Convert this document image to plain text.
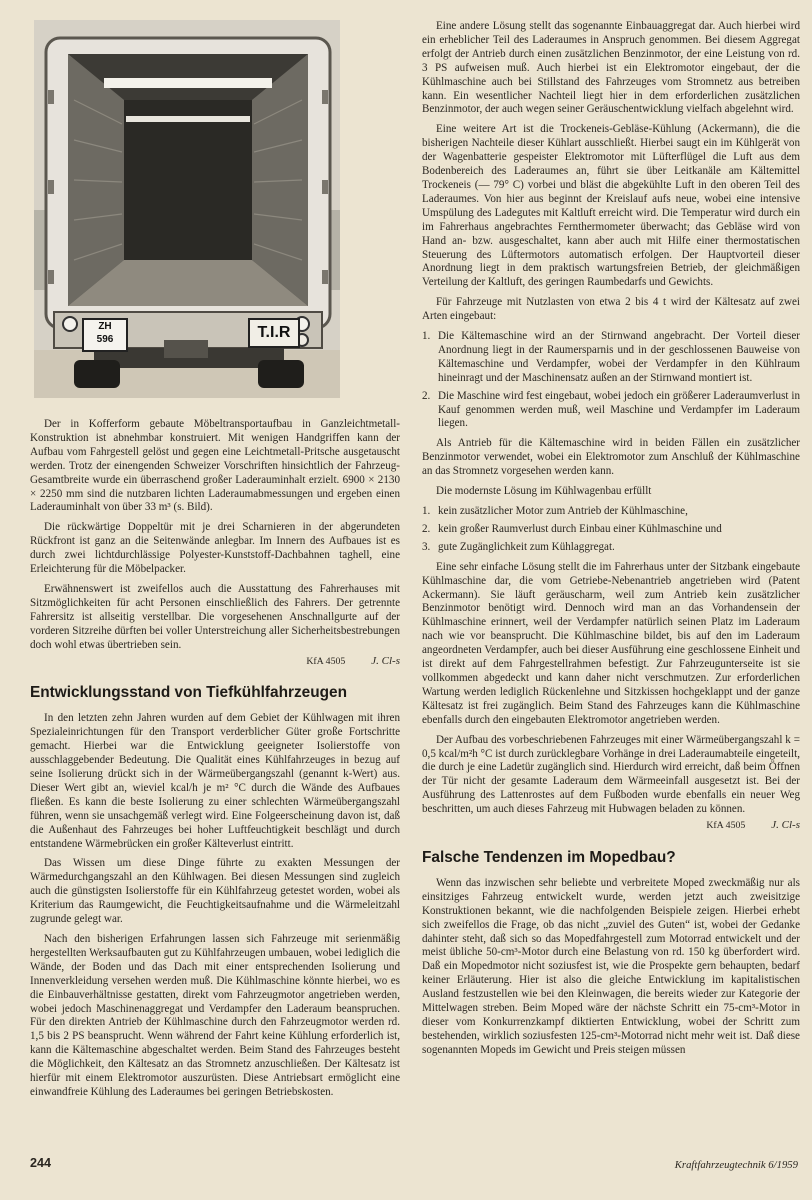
ZH
596	T.I.R

Der in Kofferform gebaute Möbeltransportaufbau in Ganzleichtmetall-Konstruktion ist abnehmbar konstruiert. Mit wenigen Handgriffen kann der Aufbau vom Fahrgestell gelöst und gegen eine Leichtmetall-Pritsche ausgetauscht werden. Trotz der einengenden Schweizer Vorschriften hinsichtlich der Fahrzeug-Gesamtbreite wurde ein überraschend großer Laderauminhalt erzielt. 6900 × 2130 × 2250 mm sind die nutzbaren lichten Laderaumabmessungen und ergeben einen Laderauminhalt von über 33 m³ (s. Bild).

Die rückwärtige Doppeltür mit je drei Scharnieren in der abgerundeten Rückfront ist ganz an die Seitenwände anlegbar. Im Innern des Aufbaues ist es durch zwei lichtdurchlässige Polyester-Kunststoff-Dachbahnen taghell, eine Erleichterung für die Möbelpacker.

Erwähnenswert ist zweifellos auch die Ausstattung des Fahrerhauses mit Sitzmöglichkeiten für acht Personen einschließlich des Fahrers. Der getrennte Fahrersitz ist allseitig verstellbar. Die vorgesehenen Anschnallgurte auf der vorderen Sitzreihe dürften bei voller Unterstreichung aller Sicherheitsbestrebungen doch wohl etwas übertrieben sein.

KfA 4505 J. Cl-s
Entwicklungsstand von Tiefkühlfahrzeugen

In den letzten zehn Jahren wurden auf dem Gebiet der Kühlwagen mit ihren Spezialeinrichtungen für den Transport verderblicher Güter große Fortschritte gemacht. Hierbei war die Entwicklung geeigneter Isolierstoffe von ausschlaggebender Bedeutung. Die Qualität eines Kühlfahrzeuges in bezug auf seine Isolierung drückt sich in der Wärmeübergangszahl (genannt k-Wert) aus. Dieser Wert gibt an, wieviel kcal/h je m² °C durch die Wände des Aufbaues fließen. Es kann die beste Isolierung zu einer schlechten Wärmeübergangszahl führen, wenn sie unsachgemäß verlegt wird. Eine Folgeerscheinung davon ist, daß die Außenhaut des Fahrzeuges bei hoher Luftfeuchtigkeit beschlägt und durch entstandene Wärmebrücken ein großer Kälteverlust eintritt.

Das Wissen um diese Dinge führte zu exakten Messungen der Wärmedurchgangszahl an den Kühlwagen. Bei diesen Messungen sind zugleich auch die günstigsten Isolierstoffe für ein Kühlfahrzeug getestet worden, wobei als Kriterium das Raumgewicht, die Feuchtigkeitsaufnahme und die Wärmeleitzahl zugrunde gelegt war.

Nach den bisherigen Erfahrungen lassen sich Fahrzeuge mit serienmäßig hergestellten Werksaufbauten gut zu Kühlfahrzeugen umbauen, wobei lediglich die Wände, der Boden und das Dach mit einer entsprechenden Isolierung und Innenverkleidung versehen werden muß. Die Kühlmaschine könnte hierbei, wo es die Einbauverhältnisse gestatten, direkt vom Fahrzeugmotor angetrieben werden, wobei jedoch Maschinenaggregat und Verdampfer den Laderaum beanspruchen. Für den direkten Antrieb der Kühlmaschine durch den Fahrzeugmotor werden rd. 1,5 bis 2 PS beansprucht. Wenn während der Fahrt keine Kühlung erforderlich ist, kann die Kältemaschine abgeschaltet werden. Beim Stand des Fahrzeuges besteht die Möglichkeit, den Kältesatz an das Stromnetz anzuschließen. Der Kältesatz ist hierfür mit einem Elektromotor auszurüsten. Diese Antriebsart ermöglicht eine einwandfreie Kühlung des Laderaumes bei geringen Betriebskosten.

Eine andere Lösung stellt das sogenannte Einbauaggregat dar. Auch hierbei wird ein erheblicher Teil des Laderaumes in Anspruch genommen. Bei diesem Aggregat erfolgt der Antrieb durch einen zusätzlichen Benzinmotor, der eine Leistung von rd. 3 PS aufweisen muß. Auch hierbei ist ein Elektromotor eingebaut, der die Kühlmaschine auch bei Stillstand des Fahrzeuges vom Stromnetz aus betreiben kann. Ein wesentlicher Nachteil liegt hier in dem erforderlichen zusätzlichen Benzinmotor, der auch wegen seiner Geräuschentwicklung vielfach abgelehnt wird.

Eine weitere Art ist die Trockeneis-Gebläse-Kühlung (Ackermann), die die bisherigen Nachteile dieser Kühlart ausschließt. Hierbei saugt ein im Kühlgerät von der Wagenbatterie gespeister Elektromotor mit Lüfterflügel die Luft aus dem Bodenbereich des Laderaumes an, führt sie über Leitkanäle am Kältemittel Trockeneis (— 79° C) vorbei und bläst die abgekühlte Luft in den oberen Teil des Laderaumes. Von hier aus beginnt der Kreislauf aufs neue, wobei eine intensive Umspülung des Ladegutes mit Kaltluft erreicht wird. Die Temperatur wird durch ein im Fahrerhaus angebrachtes Fernthermometer überwacht; das Gebläse wird von Hand an- bzw. ausgeschaltet, kann aber auch mit Hilfe einer thermostatischen Steuerung des Lüftermotors automatisch erfolgen. Der Hauptvorteil dieser Anordnung liegt in dem praktisch wartungsfreien Betrieb, der gleichmäßigen Verteilung der Kaltluft, des geringen Raumbedarfs und Gewichts.

Für Fahrzeuge mit Nutzlasten von etwa 2 bis 4 t wird der Kältesatz auf zwei Arten eingebaut:

1. Die Kältemaschine wird an der Stirnwand angebracht. Der Vorteil dieser Anordnung liegt in der Raumersparnis und in der geschlossenen Bauweise von Kältemaschine und Verdampfer, wobei der Verdampfer in den Kühlraum hineinragt und der Maschinensatz außen an der Stirnwand montiert ist.
2. Die Maschine wird fest eingebaut, wobei jedoch ein größerer Laderaumverlust in Kauf genommen werden muß, weil Maschine und Verdampfer im Laderaum liegen.

Als Antrieb für die Kältemaschine wird in beiden Fällen ein zusätzlicher Benzinmotor verwendet, wobei ein Elektromotor zum Anschluß der Kühlmaschine an das Stromnetz vorgesehen werden kann.

Die modernste Lösung im Kühlwagenbau erfüllt

1. kein zusätzlicher Motor zum Antrieb der Kühlmaschine,
2. kein großer Raumverlust durch Einbau einer Kühlmaschine und
3. gute Zugänglichkeit zum Kühlaggregat.

Eine sehr einfache Lösung stellt die im Fahrerhaus unter der Sitzbank eingebaute Kühlmaschine dar, die vom Getriebe-Nebenantrieb angetrieben wird (Patent Ackermann). Sie läuft geräuscharm, weil zum Antrieb kein zusätzlicher Benzinmotor benötigt wird. Dennoch wird man an das Vorhandensein der Kühlmaschine erinnert, weil der Verdampfer natürlich seinen Platz im Laderaum nach wie vor beansprucht. Die Kühlmaschine bildet, bis auf den im Laderaum angeordneten Verdampfer, auch bei dieser Ausführung eine geschlossene Einheit und ist direkt auf dem Fahrgestellrahmen befestigt. Zur Fahrzeugunterseite ist sie vollkommen abgedeckt und kann daher nicht verschmutzen. Zur erforderlichen Wartung werden lediglich Rückenlehne und Sitzkissen hochgeklappt und der ganze Kältesatz ist frei zugänglich. Beim Stand des Fahrzeuges kann die Kühlmaschine ebenfalls durch den eingebauten Elektromotor angetrieben werden.

Der Aufbau des vorbeschriebenen Fahrzeuges mit einer Wärmeübergangszahl k = 0,5 kcal/m²h °C ist durch zurücklegbare Vorhänge in drei Laderaumabteile eingeteilt, die durch je eine Ladetür zugänglich sind. Hierdurch wird erreicht, daß beim Öffnen der Tür nicht der gesamte Laderaum dem Wärmeeinfall ausgesetzt ist. Bei der Ausführung des Lattenrostes auf dem Fußboden wurde ebenfalls ein neuer Weg beschritten, um auch dieses Fahrzeug mit Hubwagen beladen zu können.

KfA 4505 J. Cl-s
Falsche Tendenzen im Mopedbau?

Wenn das inzwischen sehr beliebte und verbreitete Moped zweckmäßig nur als einsitziges Fahrzeug entwickelt wurde, werden jetzt auch zweisitzige Konstruktionen bekannt, wie die nachfolgenden Beispiele zeigen. Hierbei erhebt sich zweifellos die Frage, ob das nicht „zuviel des Guten“ ist, wobei der Gedanke dahinter steht, daß sich so das Mopedfahrgestell zum Motorrad entwickelt und der meist übliche 50-cm³-Motor durch eine Belastung von rd. 150 kg überfordert wird. Daß ein Mopedmotor nicht soziusfest ist, wie die Prospekte gern behaupten, bedarf keiner Erläuterung. Hier ist also die gleiche Entwicklung im kapitalistischen Ausland festzustellen wie bei den Kleinwagen, die bereits wieder zur Kategorie der Mittelwagen streben. Beim Moped wäre der nächste Schritt ein 75-cm³-Motor in dieser vom Konkurrenzkampf diktierten Entwicklung, wobei der Schritt zum bestehenden, wirklich soziusfesten 125-cm³-Motorrad nicht mehr weit ist. Daß diese sogenannten Mopeds im Gewicht und Preis steigen müssen

244	Kraftfahrzeugtechnik 6/1959
